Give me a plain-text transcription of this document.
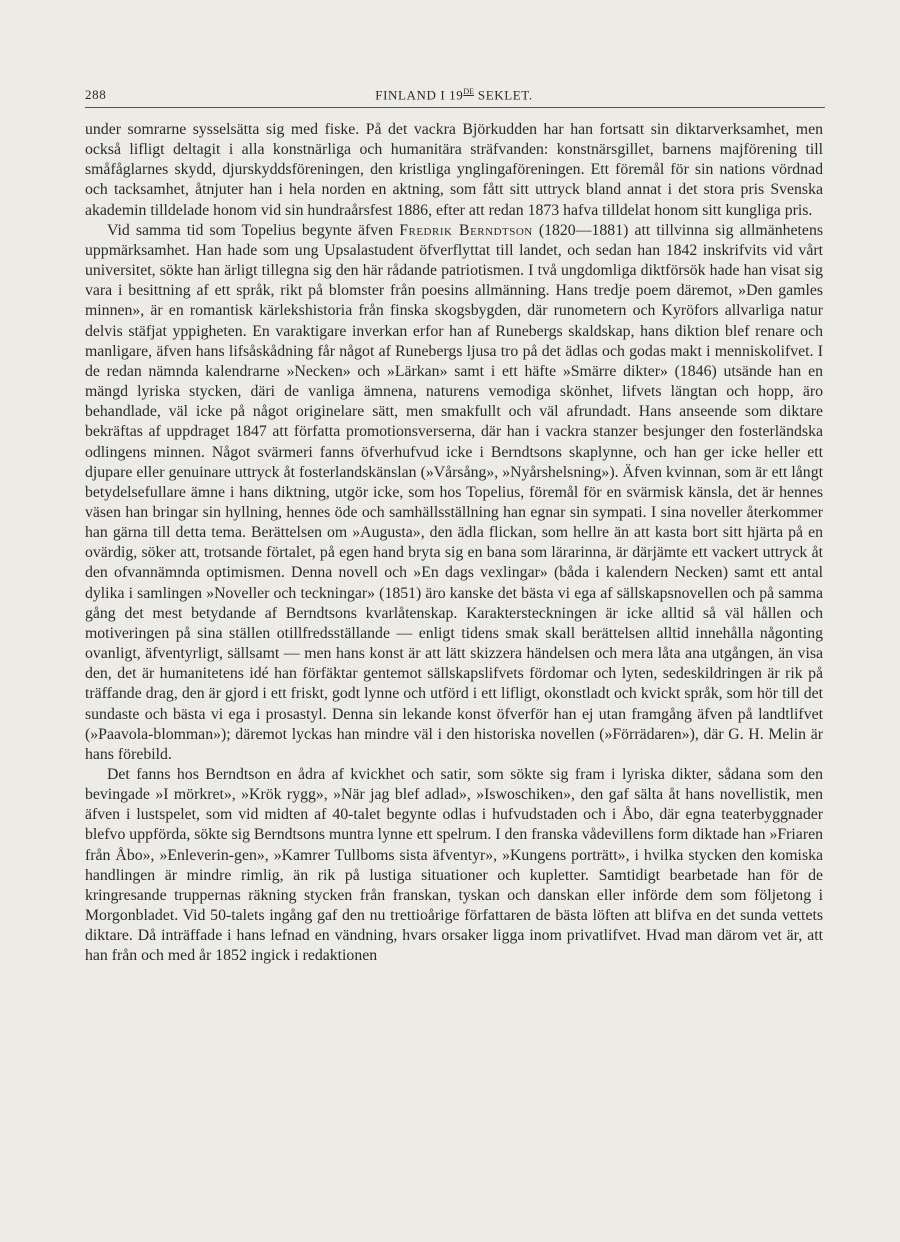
288	FINLAND I 19DE SEKLET.

under somrarne sysselsätta sig med fiske. På det vackra Björkudden har han fortsatt sin diktarverksamhet, men också lifligt deltagit i alla konstnärliga och humanitära sträfvanden: konstnärsgillet, barnens majförening till småfåglarnes skydd, djurskyddsföreningen, den kristliga ynglingaföreningen. Ett föremål för sin nations vördnad och tacksamhet, åtnjuter han i hela norden en aktning, som fått sitt uttryck bland annat i det stora pris Svenska akademin tilldelade honom vid sin hundraårsfest 1886, efter att redan 1873 hafva tilldelat honom sitt kungliga pris.

Vid samma tid som Topelius begynte äfven Fredrik Berndtson (1820—1881) att tillvinna sig allmänhetens uppmärksamhet. Han hade som ung Upsalastudent öfverflyttat till landet, och sedan han 1842 inskrifvits vid vårt universitet, sökte han ärligt tillegna sig den här rådande patriotismen. I två ungdomliga diktförsök hade han visat sig vara i besittning af ett språk, rikt på blomster från poesins allmänning. Hans tredje poem däremot, »Den gamles minnen», är en romantisk kärlekshistoria från finska skogsbygden, där runometern och Kyröfors allvarliga natur delvis stäfjat yppigheten. En varaktigare inverkan erfor han af Runebergs skaldskap, hans diktion blef renare och manligare, äfven hans lifsåskådning får något af Runebergs ljusa tro på det ädlas och godas makt i menniskolifvet. I de redan nämnda kalendrarne »Necken» och »Lärkan» samt i ett häfte »Smärre dikter» (1846) utsände han en mängd lyriska stycken, däri de vanliga ämnena, naturens vemodiga skönhet, lifvets längtan och hopp, äro behandlade, väl icke på något originelare sätt, men smakfullt och väl afrundadt. Hans anseende som diktare bekräftas af uppdraget 1847 att författa promotionsverserna, där han i vackra stanzer besjunger den fosterländska odlingens minnen. Något svärmeri fanns öfverhufvud icke i Berndtsons skaplynne, och han ger icke heller ett djupare eller genuinare uttryck åt fosterlandskänslan (»Vårsång», »Nyårshelsning»). Äfven kvinnan, som är ett långt betydelsefullare ämne i hans diktning, utgör icke, som hos Topelius, föremål för en svärmisk känsla, det är hennes väsen han bringar sin hyllning, hennes öde och samhällsställning han egnar sin sympati. I sina noveller återkommer han gärna till detta tema. Berättelsen om »Augusta», den ädla flickan, som hellre än att kasta bort sitt hjärta på en ovärdig, söker att, trotsande förtalet, på egen hand bryta sig en bana som lärarinna, är därjämte ett vackert uttryck åt den ofvannämnda optimismen. Denna novell och »En dags vexlingar» (båda i kalendern Necken) samt ett antal dylika i samlingen »Noveller och teckningar» (1851) äro kanske det bästa vi ega af sällskapsnovellen och på samma gång det mest betydande af Berndtsons kvarlåtenskap. Karaktersteckningen är icke alltid så väl hållen och motiveringen på sina ställen otillfredsställande — enligt tidens smak skall berättelsen alltid innehålla någonting ovanligt, äfventyrligt, sällsamt — men hans konst är att lätt skizzera händelsen och mera låta ana utgången, än visa den, det är humanitetens idé han förfäktar gentemot sällskapslifvets fördomar och lyten, sedeskildringen är rik på träffande drag, den är gjord i ett friskt, godt lynne och utförd i ett lifligt, okonstladt och kvickt språk, som hör till det sundaste och bästa vi ega i prosastyl. Denna sin lekande konst öfverför han ej utan framgång äfven på landtlifvet (»Paavola-blomman»); däremot lyckas han mindre väl i den historiska novellen (»Förrädaren»), där G. H. Melin är hans förebild.

Det fanns hos Berndtson en ådra af kvickhet och satir, som sökte sig fram i lyriska dikter, sådana som den bevingade »I mörkret», »Krök rygg», »När jag blef adlad», »Iswoschiken», den gaf sälta åt hans novellistik, men äfven i lustspelet, som vid midten af 40-talet begynte odlas i hufvudstaden och i Åbo, där egna teaterbyggnader blefvo uppförda, sökte sig Berndtsons muntra lynne ett spelrum. I den franska vådevillens form diktade han »Friaren från Åbo», »Enleverin-gen», »Kamrer Tullboms sista äfventyr», »Kungens porträtt», i hvilka stycken den komiska handlingen är mindre rimlig, än rik på lustiga situationer och kupletter. Samtidigt bearbetade han för de kringresande truppernas räkning stycken från franskan, tyskan och danskan eller införde dem som följetong i Morgonbladet. Vid 50-talets ingång gaf den nu trettioårige författaren de bästa löften att blifva en det sunda vettets diktare. Då inträffade i hans lefnad en vändning, hvars orsaker ligga inom privatlifvet. Hvad man därom vet är, att han från och med år 1852 ingick i redaktionen
